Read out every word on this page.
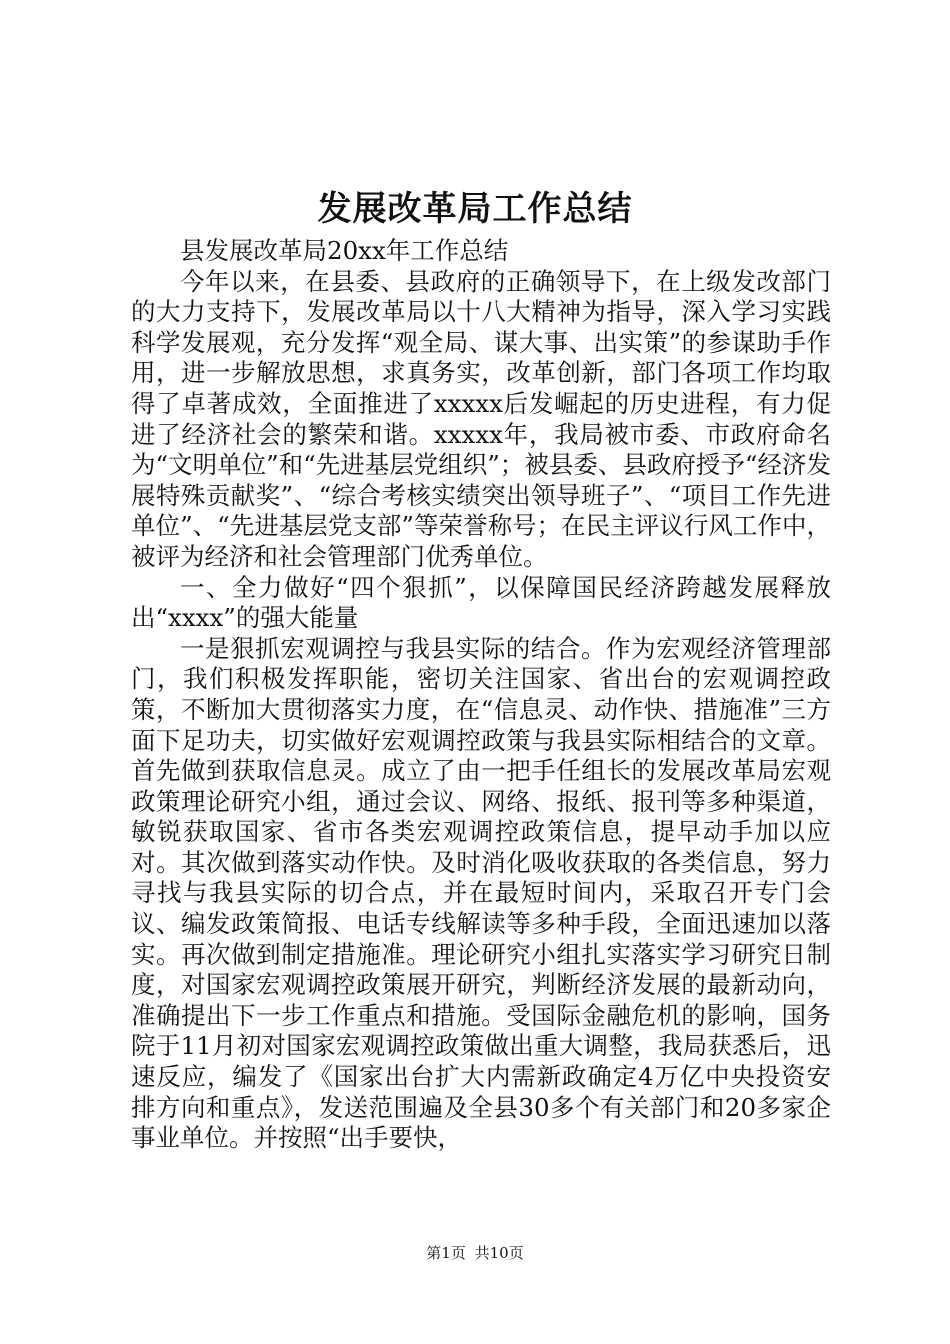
发展改革局工作总结

县发展改革局20xx年工作总结

今年以来，在县委、县政府的正确领导下，在上级发改部门的大力支持下，发展改革局以十八大精神为指导，深入学习实践科学发展观，充分发挥“观全局、谋大事、出实策”的参谋助手作用，进一步解放思想，求真务实，改革创新，部门各项工作均取得了卓著成效，全面推进了xxxxx后发崛起的历史进程，有力促进了经济社会的繁荣和谐。xxxxx年，我局被市委、市政府命名为“文明单位”和“先进基层党组织”；被县委、县政府授予“经济发展特殊贡献奖”、“综合考核实绩突出领导班子”、“项目工作先进单位”、“先进基层党支部”等荣誉称号；在民主评议行风工作中，被评为经济和社会管理部门优秀单位。

一、全力做好“四个狠抓”，以保障国民经济跨越发展释放出“xxxx”的强大能量

一是狠抓宏观调控与我县实际的结合。作为宏观经济管理部门，我们积极发挥职能，密切关注国家、省出台的宏观调控政策，不断加大贯彻落实力度，在“信息灵、动作快、措施准”三方面下足功夫，切实做好宏观调控政策与我县实际相结合的文章。首先做到获取信息灵。成立了由一把手任组长的发展改革局宏观政策理论研究小组，通过会议、网络、报纸、报刊等多种渠道，敏锐获取国家、省市各类宏观调控政策信息，提早动手加以应对。其次做到落实动作快。及时消化吸收获取的各类信息，努力寻找与我县实际的切合点，并在最短时间内，采取召开专门会议、编发政策简报、电话专线解读等多种手段，全面迅速加以落实。再次做到制定措施准。理论研究小组扎实落实学习研究日制度，对国家宏观调控政策展开研究，判断经济发展的最新动向，准确提出下一步工作重点和措施。受国际金融危机的影响，国务院于11月初对国家宏观调控政策做出重大调整，我局获悉后，迅速反应，编发了《国家出台扩大内需新政确定4万亿中央投资安排方向和重点》，发送范围遍及全县30多个有关部门和20多家企事业单位。并按照“出手要快，

第1页 共10页
